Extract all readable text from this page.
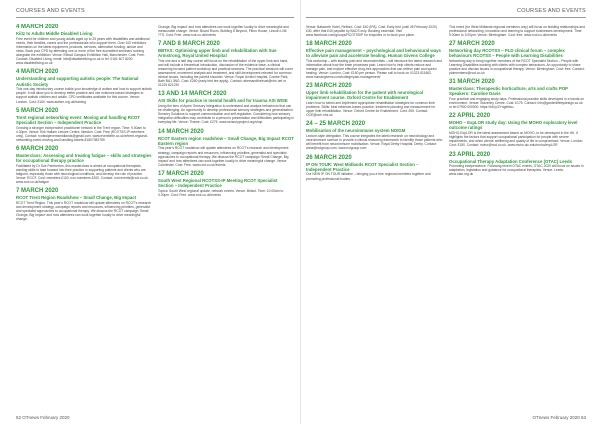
COURSES AND EVENTS
4 MARCH 2020
Kiitz to Adults Middle Disabled Living
Free event for children and young adults aged up to 25 years with disabilities and additional needs, their families, carers and the professionals who support them. Over 100 exhibitors. Information on the latest equipment, products, services, alternative funding, advice and news. Book your CPD by attending one or more of the free accredited seminars running alongside the exhibition. Venue: Etihad Campus Exhibition Hall, Manchester. Cost: Free. Contact: Disabled Living, email: info@disabledliving.co.uk or tel: 0161 607 8200. www.disabledliving.co.uk
4 MARCH 2020
Understanding and supporting autistic people: The National Autistic Society
This one-day introductory course builds your knowledge of autism and how to support autistic people. It will allow you to develop better practice and use evidence-based strategies to support autistic children and adults. CPD certificates available for this course. Venue: London. Cost: £160. www.autism.org.uk/training
5 MARCH 2020
Trent regional networking event: Moving and handling RCOT Specialist Section – Independent Practice
Growing a stronger independent practitioner network in the Trent region. Time: 9.00am to 4.30pm. Venue: Kirk Hallam Leisure Centre, Ilkeston. Cost: Free (RCOTSS-IP members only). Contact: rcotssipeventsmidlands@gmail.com. www.eventbrite.co.uk/e/trent-regional-networking-event-moving-and-handling-tickets-81807082789
6 MARCH 2020
Masterclass: Assessing and treating fatigue – skills and strategies for occupational therapy practice
Facilitated by Dr Sue Pemberton, this masterclass is aimed at occupational therapists, wanting skills to take forward into their practice in supporting patients and clients who are fatigued, especially those with neurological conditions, and develop the role of practice. Venue: RCOT. Cost: members £100; non-members £200. Contact: rcot.events@rcot.co.uk. www.rcot.co.uk/fatigue
7 MARCH 2020
RCOT Trent Region Roadshow – Small Change, Big Impact
RCOT Trent Region. This year’s RCOT roadshow will update attendees on RCOT’s research and development strategy, campaign reports and resources, influencing priorities, generalist and specialist approaches to occupational therapy. We discuss the RCOT campaign ‘Small Change, Big Impact’ and how attendees can work together locally to drive meaningful change.
Change, Big Impact’ and how attendees can work together locally to drive meaningful and measurable change. Venue: Board Room, Building 8 Beyond, Filton House, Lincoln LN6 7TS. Cost: Free. www.rcot.co.uk/events
7 AND 8 MARCH 2020
BBTAS: Optimising upper limb and rehabilitation with Sue Armstrong, Royal United Hospital
This one and a half day course will focus on the rehabilitation of the upper limb and hand, and will include a theoretical introduction, discussion of the evidence base, a clinical reasoning focused patient workshop and practical sessions. The practical sessions will cover assessment, movement analysis and treatment, and skill development relevant for common clinical issues, including the painful shoulder. Venue: Royal United Hospital, Combe Park, Bath BA1 3NG. Cost: £260 (early bird fee apply). Contact: abersandthetrust@nhs.net or 01225 821230
13 AND 14 MARCH 2020
ASI Skills for practice in mental health and for trauma ASI WISE
Using the lens of Ayres’ Sensory Integration to understand and analyse behaviours that can be challenging. An opportunity to develop professional sensory strategies and generalisation. Sensory Solutions to support communication and self-regulation. Considering how sensory integration difficulties may contribute to a person’s presentation and difficulties participating in everyday life. Venue: Thame. Cost: £275. www.sensoryproject.org/shop
14 MARCH 2020
RCOT Eastern region roadshow – Small Change, Big Impact RCOT Eastern region
This year’s RCOT roadshow will update attendees on RCOT’s research and development strategy, campaign reports and resources, influencing priorities, generalist and specialist approaches to occupational therapy. We discuss the RCOT campaign ‘Small Change, Big Impact’ and how attendees can work together locally to drive meaningful change. Venue: Colchester. Cost: Free. www.rcot.co.uk/events
17 MARCH 2020
South West Regional RCOTSS-IP Meeting RCOT Specialist Section – Independent Practice
Topics: South West regional update, network events. Venue: Bristol. Time: 10.00am to 3.00pm. Cost: Free. www.rcot.co.uk/events
52 OTnews February 2020
COURSES AND EVENTS
Venue: Babworth Hotel, Retford. Cost: £40 (IPA). Cost: Early bird (until 28 February 2020) £30, after that £40 payable by BACS only. Booking essential. Visit www.facebook.com/groups/RCOTSSIP for enquiries or to book your place.
18 MARCH 2020
Effective pain management – psychological and behavioural ways to alleviate pain and accelerate healing. Human Givens College
This workshop – with leading pain and neuroscientists – will introduce the latest research and information about how the brain processes pain. Learn how to help clients reduce and manage pain, and explore effective drug-free approaches that can relieve pain and speed healing. Venue: London. Cost: £160 per person. Please call to book on 01323 811662. www.humangivens.com/college/pain-management/
23 MARCH 2020
Upper limb rehabilitation for the patient with neurological impairment course. Oxford Centre for Enablement
Learn how to select and implement appropriate rehabilitation strategies for common limb problems. Skills: best evidence-based practice, treatment planning and measurement for upper limb rehabilitation. Venue: Oxford Centre for Enablement. Cost: £95. Contact: OCE@ouh.nhs.uk
24 – 25 MARCH 2020
Mobilisation of the neuroimmune system NOIGM
Lecture-style delegation. This course integrates the latest research on neurobiology and neuroimmune science to provide a clinical reasoning framework to identify those patients who will benefit from neuroimmune mobilisation. Venue: Royal Derby Hospital, Derby. Contact: anna@noigroup.com. www.noigroup.com
26 MARCH 2020
IP ON TOUR: West Midlands RCOT Specialist Section – Independent Practice
Our NEW IP ON TOUR initiative – bringing you a free regional members together and promoting professional bodies.
This event (for West Midlands regional members only) will focus on building relationships and professional networking, innovation and learning to support businesses development. Time: 9.00am to 3.00pm. Venue: Birmingham. Cost: free. www.rcot.co.uk/events
27 MARCH 2020
Networking day RCOTSS – PLD clinical forum – complex behaviours RCOTSS – People with Learning Disabilities
Networking day to bring together members of the RCOT Specialist Section – People with Learning Disabilities working with clients with complex behaviours. An opportunity to share practice and discuss issues in occupational therapy. Venue: Birmingham. Cost: free. Contact: pldmembers@rcot.co.uk
31 MARCH 2020
Masterclass: Therapeutic horticulture, arts and crafts POP Speakers: Caroline Davis
Four practical and engaging study days. Professional practice skills developed in a hands-on environment. Venue: Staverley Centre. Cost: £175. Contact: info@gardenlifebydesign.co.uk or tel 07900 000000. https://bit.ly/2Yngfebsu
22 APRIL 2020
MOHO – ExpLOR study day: Using the MOHO exploratory level outcome ratings
MOHO-ExpLOR is the latest assessment based on MOHO, to be developed in the UK. It highlights the factors that support occupational participation for people with severe impairments, and when clients’ wellbeing and quality of life is compromised. Venue: London. Cost: £150. Contact: moho@rcot.co.uk. www.moho.uic.edu/moho/expLOR
23 APRIL 2020
Occupational Therapy Adaptation Conference (OTAC) Leeds
Promoting independence. Following recent OTAC events, OTAC 2020 will focus on issues in adaptation, legislation and guidance for occupational therapists. Venue: Leeds. www.otac.org.uk
OTnews February 2020 53
